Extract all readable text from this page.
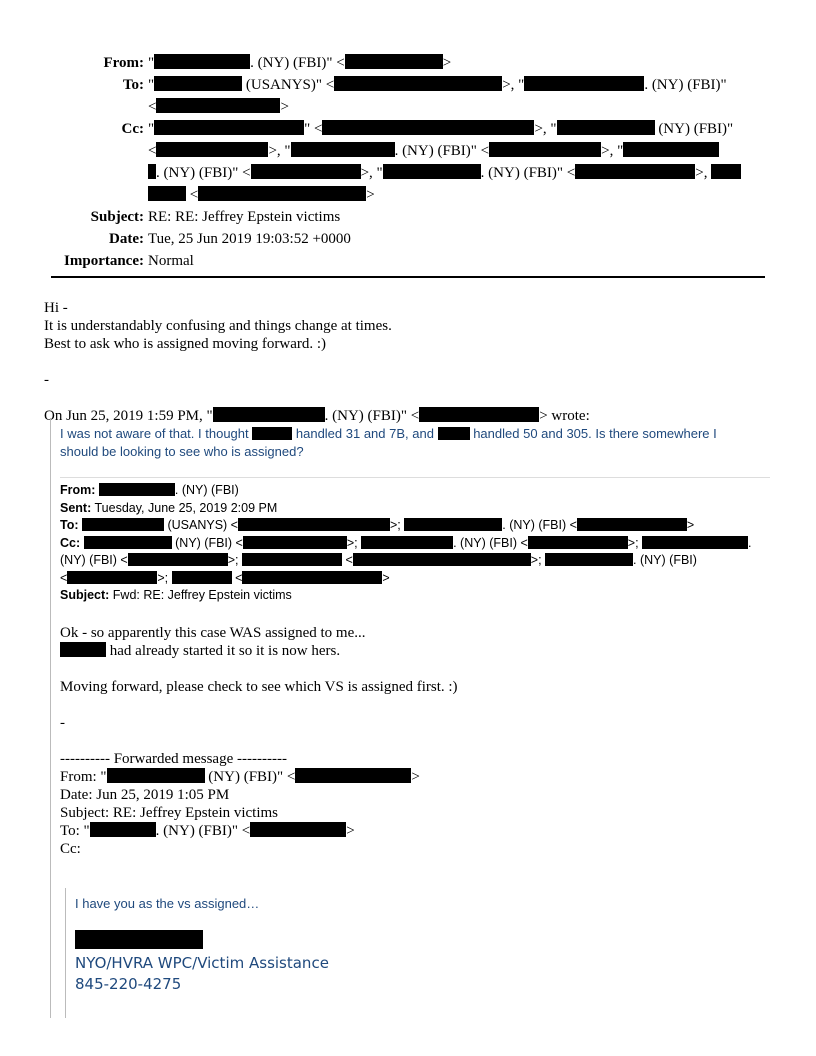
From: "	. (NY) (FBI)" <	>
To: "	(USANYS)" <	>, "	. (NY) (FBI)"
<	>
Cc: "	" <	>, "	(NY) (FBI)"
<	>, "	. (NY) (FBI)" <	>, "
. (NY) (FBI)" <	>, "	. (NY) (FBI)" <	>,
<	>
Subject: RE: RE: Jeffrey Epstein victims
Date: Tue, 25 Jun 2019 19:03:52 +0000
Importance: Normal
Hi -
It is understandably confusing and things change at times.
Best to ask who is assigned moving forward. :)
-
On Jun 25, 2019 1:59 PM, "	. (NY) (FBI)" <	> wrote:
I was not aware of that. I thought	handled 31 and 7B, and	handled 50 and 305. Is there somewhere I
should be looking to see who is assigned?
From:	. (NY) (FBI)
Sent: Tuesday, June 25, 2019 2:09 PM
To:	(USANYS) <	>;	. (NY) (FBI) <	>
Cc:	(NY) (FBI) <	>;	. (NY) (FBI) <	>;	.
(NY) (FBI) <	>;	<	>;	. (NY) (FBI)
<	>;	<	>
Subject: Fwd: RE: Jeffrey Epstein victims
Ok - so apparently this case WAS assigned to me...
had already started it so it is now hers.
Moving forward, please check to see which VS is assigned first. :)
-
---------- Forwarded message ----------
From: "	(NY) (FBI)" <	>
Date: Jun 25, 2019 1:05 PM
Subject: RE: Jeffrey Epstein victims
To: "	. (NY) (FBI)" <	>
Cc:
I have you as the vs assigned…
NYO/HVRA WPC/Victim Assistance
845-220-4275
